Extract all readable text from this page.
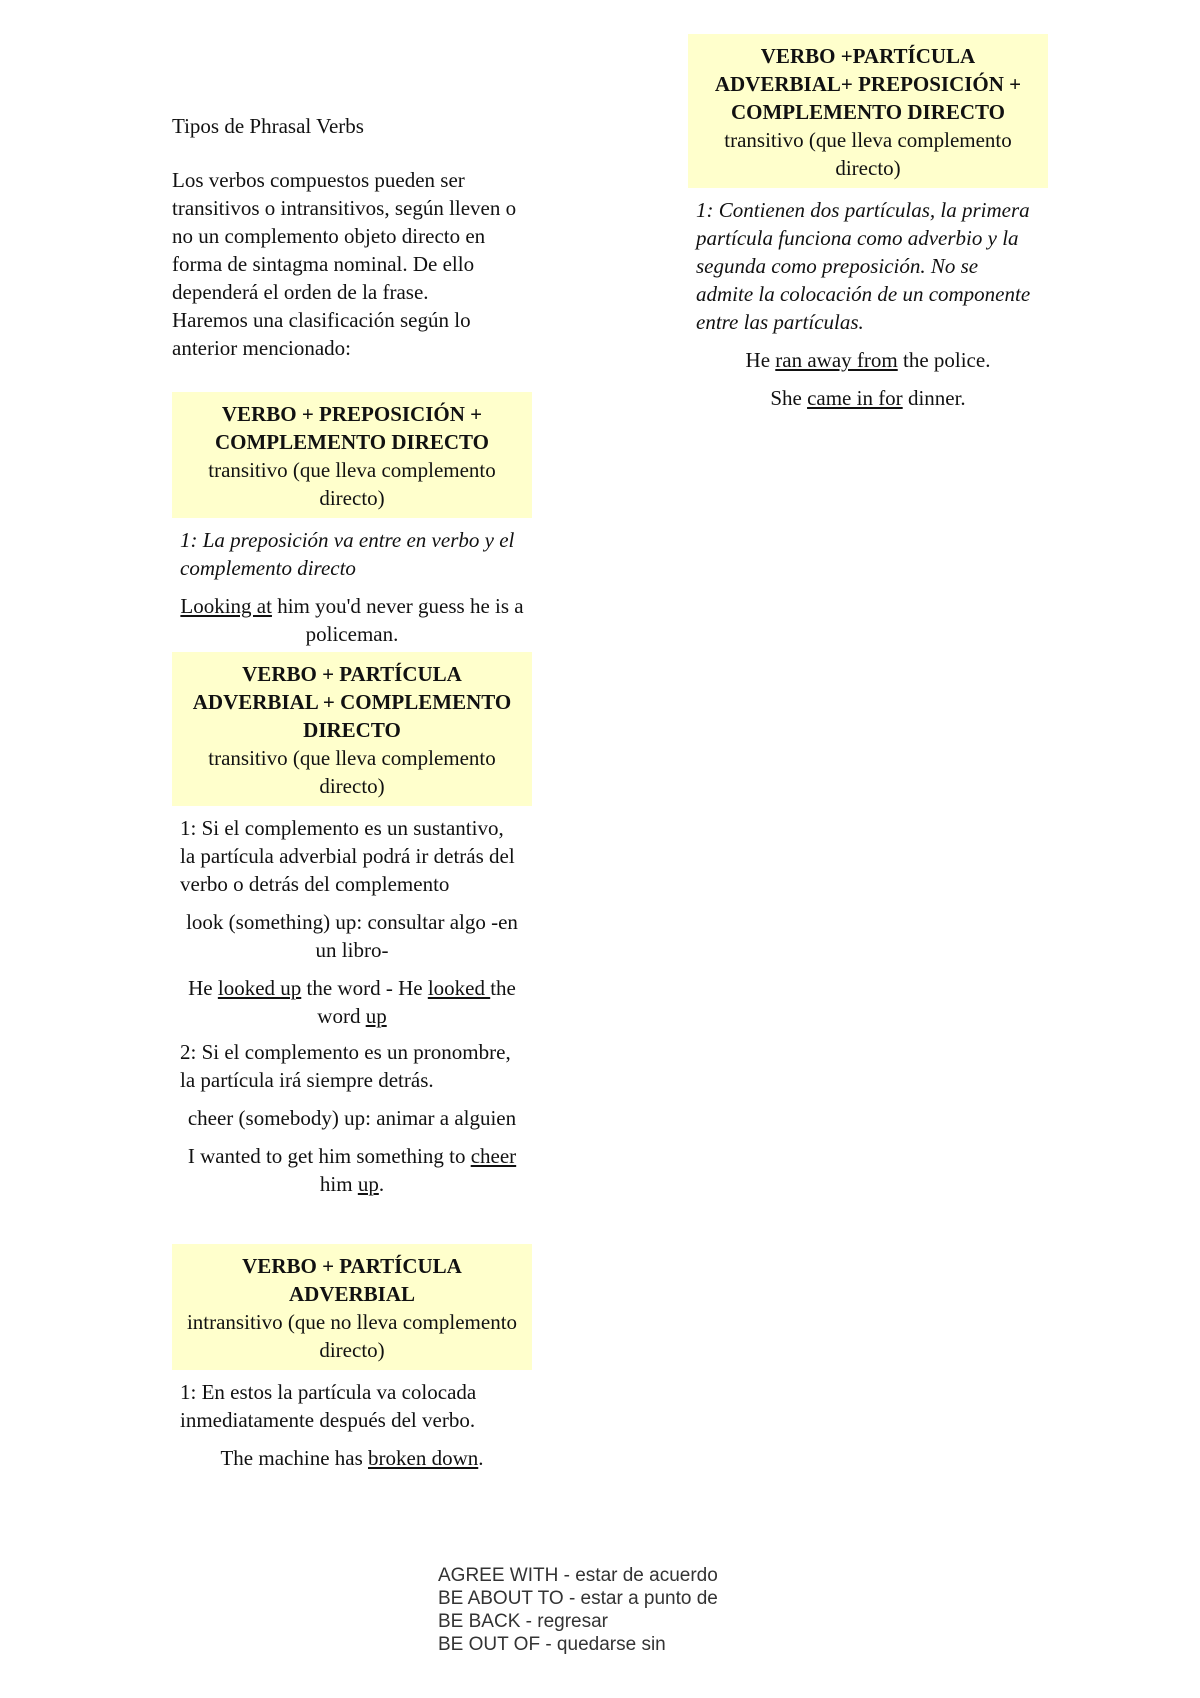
Tipos de Phrasal Verbs

Los verbos compuestos pueden ser transitivos o intransitivos, según lleven o no un complemento objeto directo en forma de sintagma nominal. De ello dependerá el orden de la frase.
Haremos una clasificación según lo anterior mencionado:

VERBO + PREPOSICIÓN + COMPLEMENTO DIRECTO
transitivo (que lleva complemento directo)
1: La preposición va entre en verbo y el complemento directo
Looking at him you'd never guess he is a policeman.
VERBO + PARTÍCULA ADVERBIAL + COMPLEMENTO DIRECTO
transitivo (que lleva complemento directo)
1: Si el complemento es un sustantivo, la partícula adverbial podrá ir detrás del verbo o detrás del complemento
look (something) up: consultar algo -en un libro-
He looked up the word - He looked the word up
2: Si el complemento es un pronombre, la partícula irá siempre detrás.
cheer (somebody) up: animar a alguien
I wanted to get him something to cheer him up.
VERBO + PARTÍCULA ADVERBIAL
intransitivo (que no lleva complemento directo)
1: En estos la partícula va colocada inmediatamente después del verbo.
The machine has broken down.
VERBO +PARTÍCULA ADVERBIAL+ PREPOSICIÓN + COMPLEMENTO DIRECTO
transitivo (que lleva complemento directo)
1: Contienen dos partículas, la primera partícula funciona como adverbio y la segunda como preposición. No se admite la colocación de un componente entre las partículas.
He ran away from the police.
She came in for dinner.
AGREE WITH - estar de acuerdo
BE ABOUT TO - estar a punto de
BE BACK - regresar
BE OUT OF - quedarse sin
